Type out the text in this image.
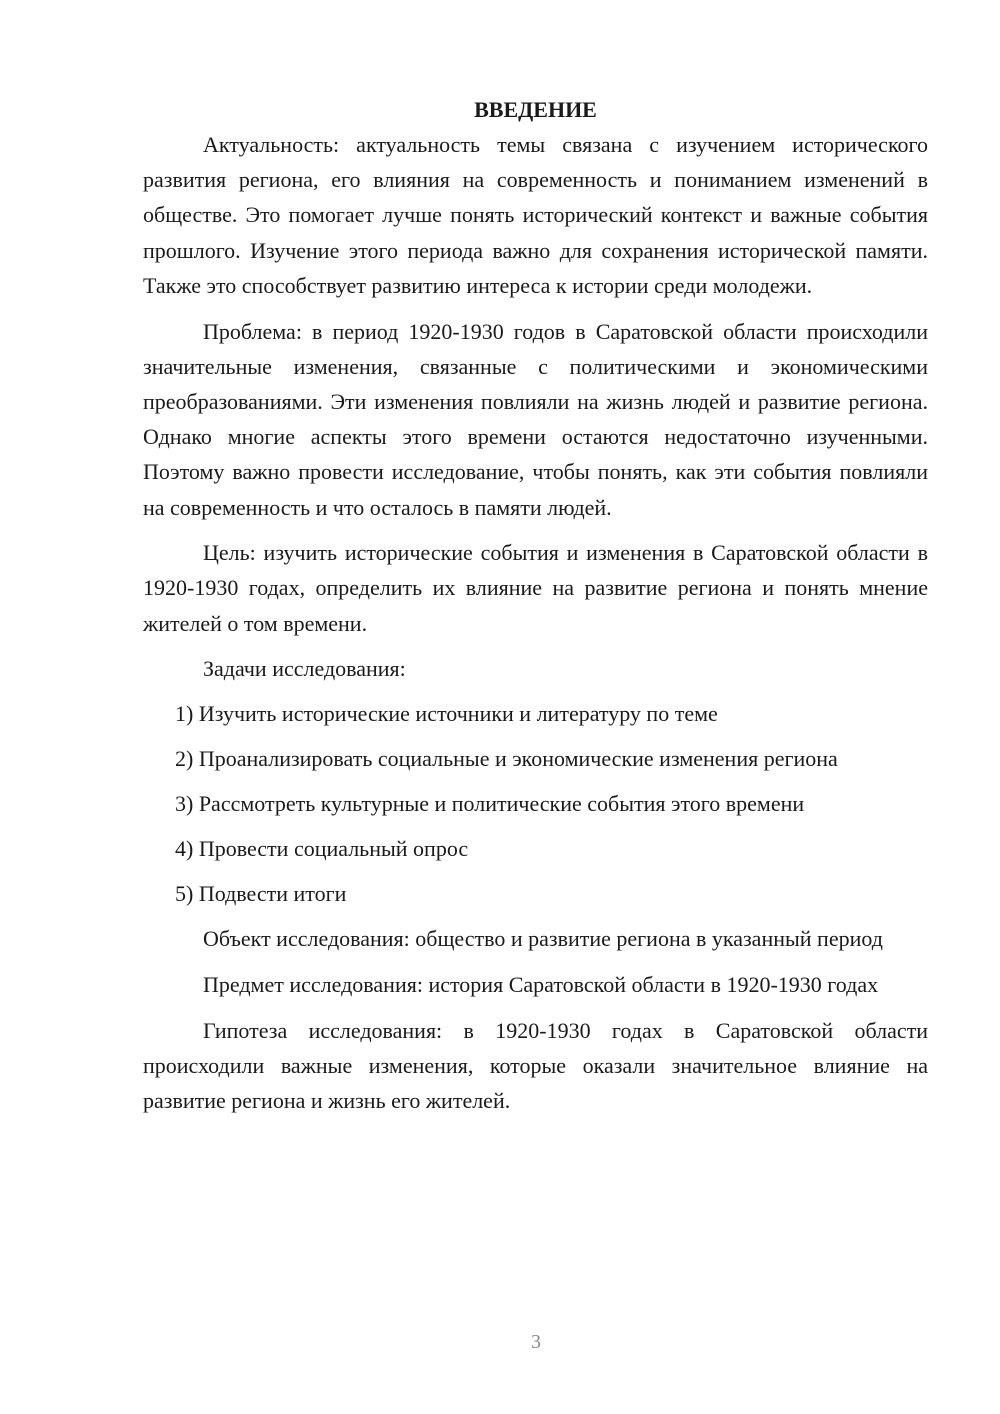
ВВЕДЕНИЕ

Актуальность: актуальность темы связана с изучением исторического развития региона, его влияния на современность и пониманием изменений в обществе. Это помогает лучше понять исторический контекст и важные события прошлого. Изучение этого периода важно для сохранения исторической памяти. Также это способствует развитию интереса к истории среди молодежи.

Проблема: в период 1920-1930 годов в Саратовской области происходили значительные изменения, связанные с политическими и экономическими преобразованиями. Эти изменения повлияли на жизнь людей и развитие региона. Однако многие аспекты этого времени остаются недостаточно изученными. Поэтому важно провести исследование, чтобы понять, как эти события повлияли на современность и что осталось в памяти людей.

Цель: изучить исторические события и изменения в Саратовской области в 1920-1930 годах, определить их влияние на развитие региона и понять мнение жителей о том времени.

Задачи исследования:

1) Изучить исторические источники и литературу по теме
2) Проанализировать социальные и экономические изменения региона
3) Рассмотреть культурные и политические события этого времени
4) Провести социальный опрос
5) Подвести итоги

Объект исследования: общество и развитие региона в указанный период

Предмет исследования: история Саратовской области в 1920-1930 годах

Гипотеза исследования: в 1920-1930 годах в Саратовской области происходили важные изменения, которые оказали значительное влияние на развитие региона и жизнь его жителей.

3
